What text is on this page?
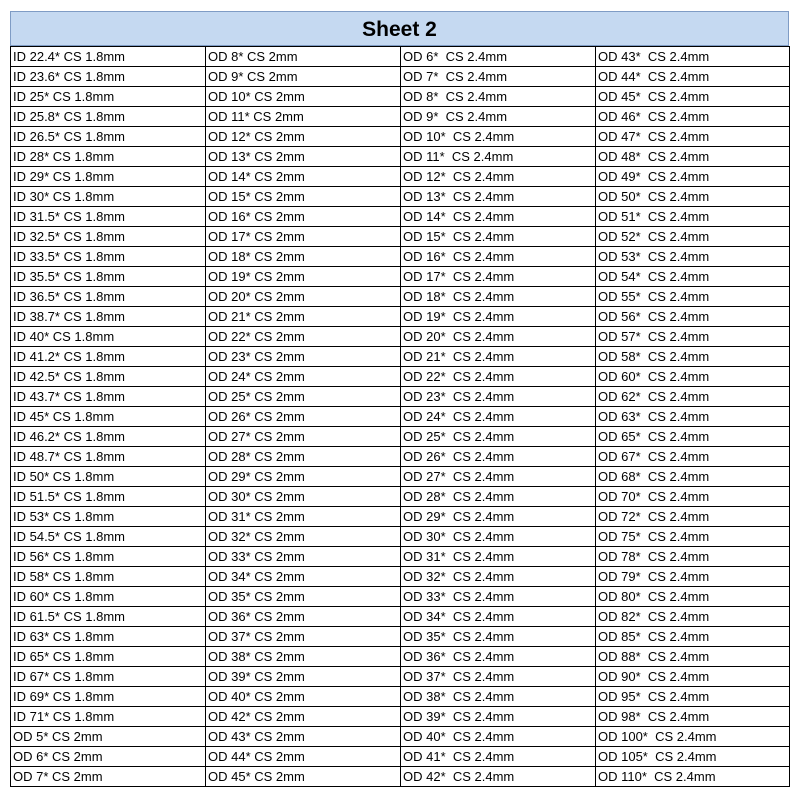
Sheet 2
ID 22.4* CS 1.8mm	OD 8* CS 2mm	OD 6*  CS 2.4mm	OD 43*  CS 2.4mm
ID 23.6* CS 1.8mm	OD 9* CS 2mm	OD 7*  CS 2.4mm	OD 44*  CS 2.4mm
ID 25* CS 1.8mm	OD 10* CS 2mm	OD 8*  CS 2.4mm	OD 45*  CS 2.4mm
ID 25.8* CS 1.8mm	OD 11* CS 2mm	OD 9*  CS 2.4mm	OD 46*  CS 2.4mm
ID 26.5* CS 1.8mm	OD 12* CS 2mm	OD 10*  CS 2.4mm	OD 47*  CS 2.4mm
ID 28* CS 1.8mm	OD 13* CS 2mm	OD 11*  CS 2.4mm	OD 48*  CS 2.4mm
ID 29* CS 1.8mm	OD 14* CS 2mm	OD 12*  CS 2.4mm	OD 49*  CS 2.4mm
ID 30* CS 1.8mm	OD 15* CS 2mm	OD 13*  CS 2.4mm	OD 50*  CS 2.4mm
ID 31.5* CS 1.8mm	OD 16* CS 2mm	OD 14*  CS 2.4mm	OD 51*  CS 2.4mm
ID 32.5* CS 1.8mm	OD 17* CS 2mm	OD 15*  CS 2.4mm	OD 52*  CS 2.4mm
ID 33.5* CS 1.8mm	OD 18* CS 2mm	OD 16*  CS 2.4mm	OD 53*  CS 2.4mm
ID 35.5* CS 1.8mm	OD 19* CS 2mm	OD 17*  CS 2.4mm	OD 54*  CS 2.4mm
ID 36.5* CS 1.8mm	OD 20* CS 2mm	OD 18*  CS 2.4mm	OD 55*  CS 2.4mm
ID 38.7* CS 1.8mm	OD 21* CS 2mm	OD 19*  CS 2.4mm	OD 56*  CS 2.4mm
ID 40* CS 1.8mm	OD 22* CS 2mm	OD 20*  CS 2.4mm	OD 57*  CS 2.4mm
ID 41.2* CS 1.8mm	OD 23* CS 2mm	OD 21*  CS 2.4mm	OD 58*  CS 2.4mm
ID 42.5* CS 1.8mm	OD 24* CS 2mm	OD 22*  CS 2.4mm	OD 60*  CS 2.4mm
ID 43.7* CS 1.8mm	OD 25* CS 2mm	OD 23*  CS 2.4mm	OD 62*  CS 2.4mm
ID 45* CS 1.8mm	OD 26* CS 2mm	OD 24*  CS 2.4mm	OD 63*  CS 2.4mm
ID 46.2* CS 1.8mm	OD 27* CS 2mm	OD 25*  CS 2.4mm	OD 65*  CS 2.4mm
ID 48.7* CS 1.8mm	OD 28* CS 2mm	OD 26*  CS 2.4mm	OD 67*  CS 2.4mm
ID 50* CS 1.8mm	OD 29* CS 2mm	OD 27*  CS 2.4mm	OD 68*  CS 2.4mm
ID 51.5* CS 1.8mm	OD 30* CS 2mm	OD 28*  CS 2.4mm	OD 70*  CS 2.4mm
ID 53* CS 1.8mm	OD 31* CS 2mm	OD 29*  CS 2.4mm	OD 72*  CS 2.4mm
ID 54.5* CS 1.8mm	OD 32* CS 2mm	OD 30*  CS 2.4mm	OD 75*  CS 2.4mm
ID 56* CS 1.8mm	OD 33* CS 2mm	OD 31*  CS 2.4mm	OD 78*  CS 2.4mm
ID 58* CS 1.8mm	OD 34* CS 2mm	OD 32*  CS 2.4mm	OD 79*  CS 2.4mm
ID 60* CS 1.8mm	OD 35* CS 2mm	OD 33*  CS 2.4mm	OD 80*  CS 2.4mm
ID 61.5* CS 1.8mm	OD 36* CS 2mm	OD 34*  CS 2.4mm	OD 82*  CS 2.4mm
ID 63* CS 1.8mm	OD 37* CS 2mm	OD 35*  CS 2.4mm	OD 85*  CS 2.4mm
ID 65* CS 1.8mm	OD 38* CS 2mm	OD 36*  CS 2.4mm	OD 88*  CS 2.4mm
ID 67* CS 1.8mm	OD 39* CS 2mm	OD 37*  CS 2.4mm	OD 90*  CS 2.4mm
ID 69* CS 1.8mm	OD 40* CS 2mm	OD 38*  CS 2.4mm	OD 95*  CS 2.4mm
ID 71* CS 1.8mm	OD 42* CS 2mm	OD 39*  CS 2.4mm	OD 98*  CS 2.4mm
OD 5* CS 2mm	OD 43* CS 2mm	OD 40*  CS 2.4mm	OD 100*  CS 2.4mm
OD 6* CS 2mm	OD 44* CS 2mm	OD 41*  CS 2.4mm	OD 105*  CS 2.4mm
OD 7* CS 2mm	OD 45* CS 2mm	OD 42*  CS 2.4mm	OD 110*  CS 2.4mm
